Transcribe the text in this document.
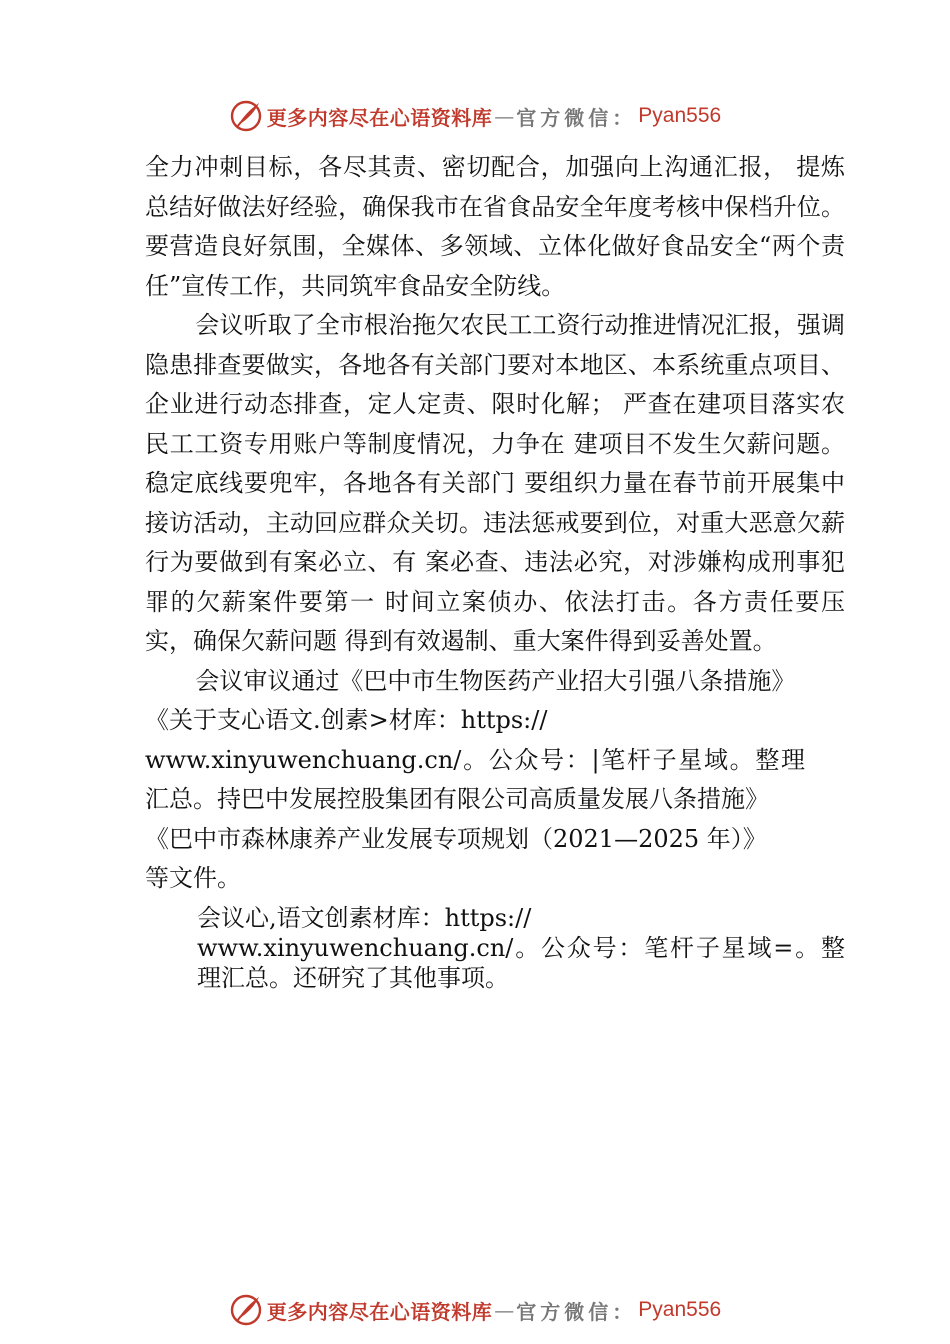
更多内容尽在心语资料库 — 官方微信： Pyan556

全力冲刺目标，各尽其责、密切配合，加强向上沟通汇报， 提炼总结好做法好经验，确保我市在省食品安全年度考核中保档升位。要营造良好氛围，全媒体、多领域、立体化做好食品安全“两个责任”宣传工作，共同筑牢食品安全防线。

会议听取了全市根治拖欠农民工工资行动推进情况汇报，强调隐患排查要做实，各地各有关部门要对本地区、本系统重点项目、企业进行动态排查，定人定责、限时化解； 严查在建项目落实农民工工资专用账户等制度情况，力争在 建项目不发生欠薪问题。稳定底线要兜牢，各地各有关部门 要组织力量在春节前开展集中接访活动，主动回应群众关切。违法惩戒要到位，对重大恶意欠薪行为要做到有案必立、有 案必查、违法必究，对涉嫌构成刑事犯罪的欠薪案件要第一 时间立案侦办、依法打击。各方责任要压实，确保欠薪问题 得到有效遏制、重大案件得到妥善处置。

会议审议通过《巴中市生物医药产业招大引强八条措施》

《关于支心语文.创素>材库：https://

www.xinyuwenchuang.cn/。公众号：|笔杆子星域。整理汇总。持巴中发展控股集团有限公司高质量发展八条措施》

《巴中市森林康养产业发展专项规划（2021—2025 年）》

等文件。

会议心,语文创素材库：https://

www.xinyuwenchuang.cn/。公众号：笔杆子星域=。整理汇总。还研究了其他事项。

更多内容尽在心语资料库 — 官方微信： Pyan556
